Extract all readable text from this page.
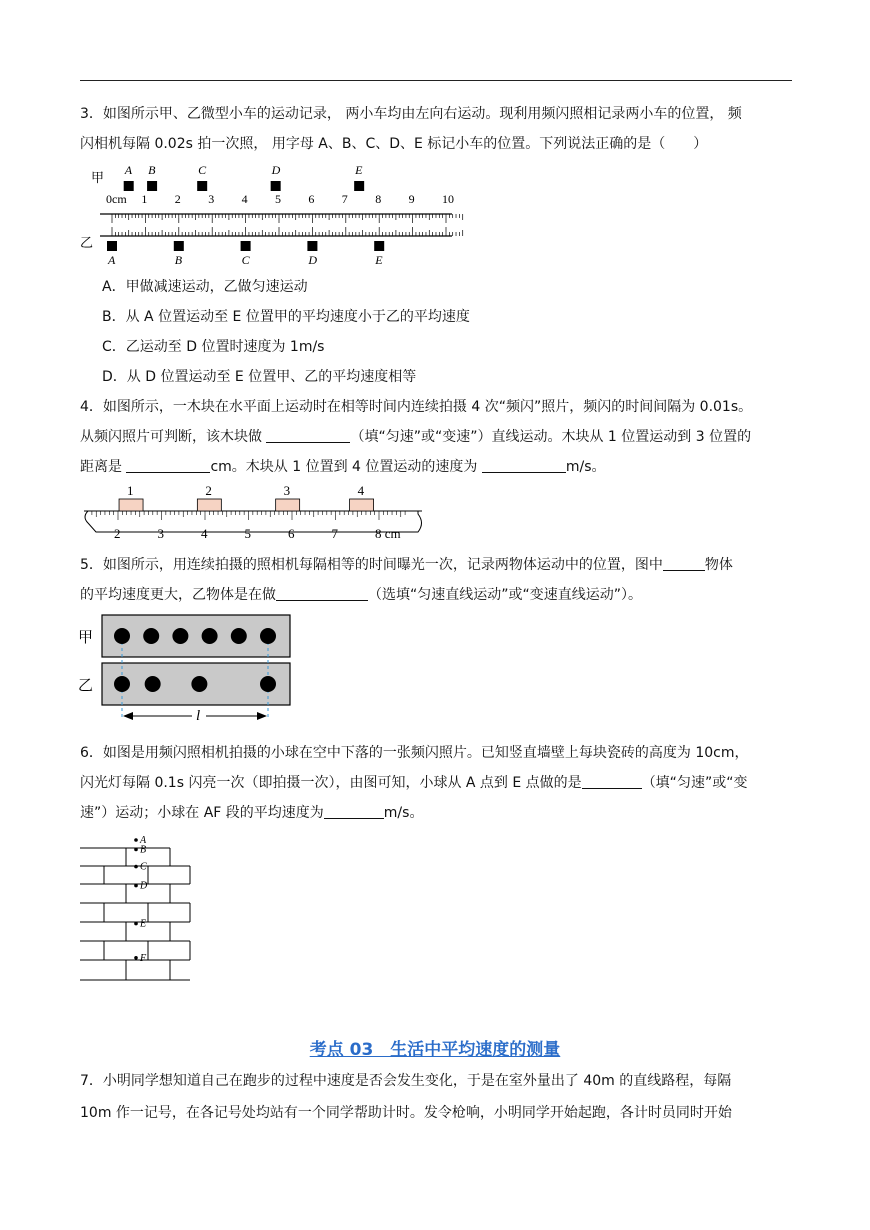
3．如图所示甲、乙微型小车的运动记录， 两小车均由左向右运动。现利用频闪照相记录两小车的位置， 频
闪相机每隔 0.02s 拍一次照， 用字母 A、B、C、D、E 标记小车的位置。下列说法正确的是（　　）
甲
乙
0cm 1 2 3 4 5 6 7 8 9 10
A B	C	D	E
A	B	C	D	E
A．甲做减速运动，乙做匀速运动
B．从 A 位置运动至 E 位置甲的平均速度小于乙的平均速度
C．乙运动至 D 位置时速度为 1m/s
D．从 D 位置运动至 E 位置甲、乙的平均速度相等
4．如图所示，一木块在水平面上运动时在相等时间内连续拍摄 4 次“频闪”照片，频闪的时间间隔为 0.01s。
从频闪照片可判断，该木块做	（填“匀速”或“变速”）直线运动。木块从 1 位置运动到 3 位置的
距离是	cm。木块从 1 位置到 4 位置运动的速度为	m/s。
1	2	3	4
2	3	4	5	6	7	8 cm
5．如图所示，用连续拍摄的照相机每隔相等的时间曝光一次，记录两物体运动中的位置，图中	物体
的平均速度更大，乙物体是在做	（选填“匀速直线运动”或“变速直线运动”）。
甲
乙
l
6．如图是用频闪照相机拍摄的小球在空中下落的一张频闪照片。已知竖直墙壁上每块瓷砖的高度为 10cm，
闪光灯每隔 0.1s 闪亮一次（即拍摄一次），由图可知，小球从 A 点到 E 点做的是	（填“匀速”或“变
速”）运动；小球在 AF 段的平均速度为	m/s。
A
B
C
D
E
F
考点 03　生活中平均速度的测量
7．小明同学想知道自己在跑步的过程中速度是否会发生变化，于是在室外量出了 40m 的直线路程，每隔
10m 作一记号，在各记号处均站有一个同学帮助计时。发令枪响，小明同学开始起跑，各计时员同时开始
